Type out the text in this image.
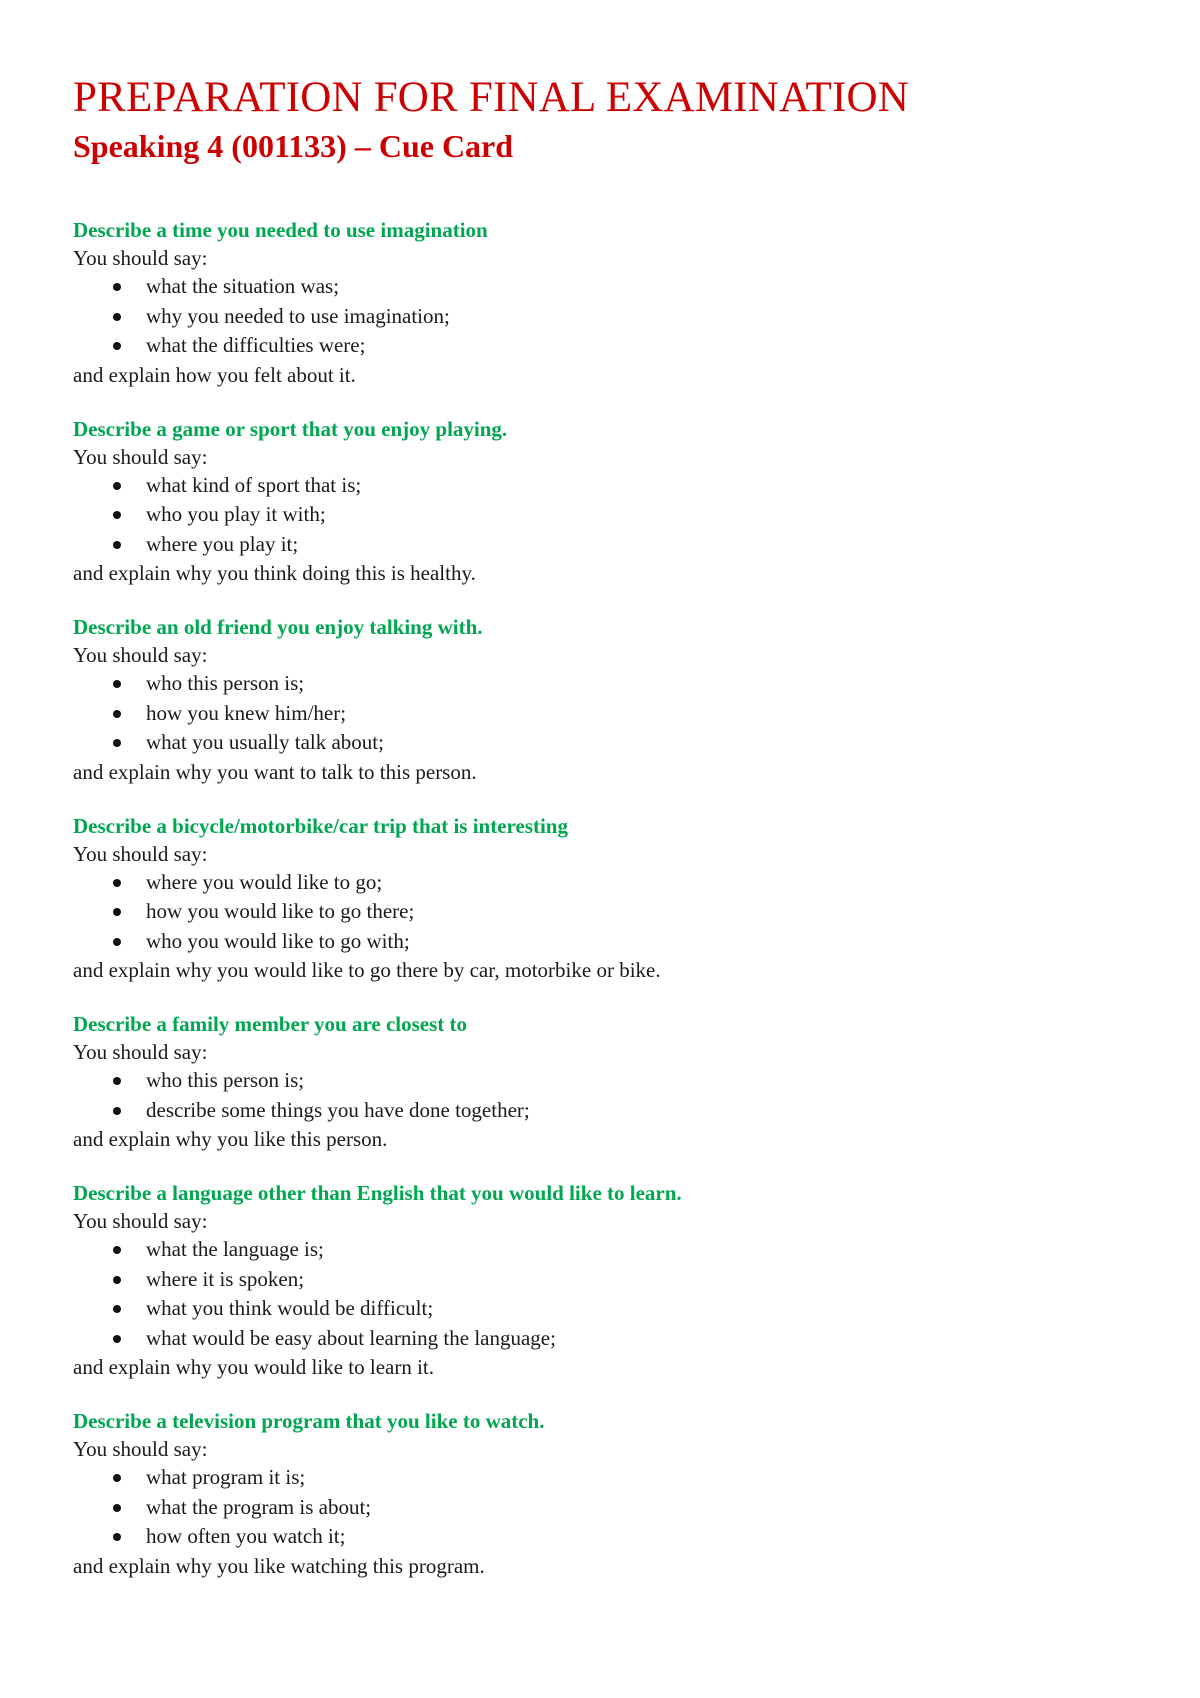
PREPARATION FOR FINAL EXAMINATION
Speaking 4 (001133) – Cue Card
Describe a time you needed to use imagination
You should say:
what the situation was;
why you needed to use imagination;
what the difficulties were;
and explain how you felt about it.
Describe a game or sport that you enjoy playing.
You should say:
what kind of sport that is;
who you play it with;
where you play it;
and explain why you think doing this is healthy.
Describe an old friend you enjoy talking with.
You should say:
who this person is;
how you knew him/her;
what you usually talk about;
and explain why you want to talk to this person.
Describe a bicycle/motorbike/car trip that is interesting
You should say:
where you would like to go;
how you would like to go there;
who you would like to go with;
and explain why you would like to go there by car, motorbike or bike.
Describe a family member you are closest to
You should say:
who this person is;
describe some things you have done together;
and explain why you like this person.
Describe a language other than English that you would like to learn.
You should say:
what the language is;
where it is spoken;
what you think would be difficult;
what would be easy about learning the language;
and explain why you would like to learn it.
Describe a television program that you like to watch.
You should say:
what program it is;
what the program is about;
how often you watch it;
and explain why you like watching this program.
